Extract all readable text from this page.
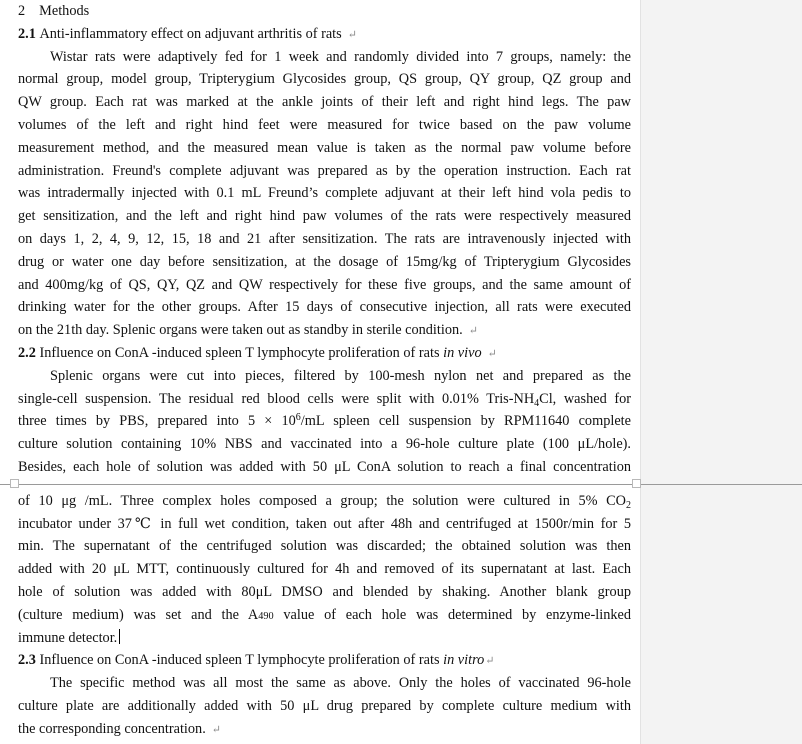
2 Methods
2.1 Anti-inflammatory effect on adjuvant arthritis of rats ↵
Wistar rats were adaptively fed for 1 week and randomly divided into 7 groups, namely: the
normal group, model group, Tripterygium Glycosides group, QS group, QY group, QZ group and
QW group. Each rat was marked at the ankle joints of their left and right hind legs. The paw
volumes of the left and right hind feet were measured for twice based on the paw volume
measurement method, and the measured mean value is taken as the normal paw volume before
administration. Freund's complete adjuvant was prepared as by the operation instruction. Each rat
was intradermally injected with 0.1 mL Freund’s complete adjuvant at their left hind vola pedis to
get sensitization, and the left and right hind paw volumes of the rats were respectively measured
on days 1, 2, 4, 9, 12, 15, 18 and 21 after sensitization. The rats are intravenously injected with
drug or water one day before sensitization, at the dosage of 15mg/kg of Tripterygium Glycosides
and 400mg/kg of QS, QY, QZ and QW respectively for these five groups, and the same amount of
drinking water for the other groups. After 15 days of consecutive injection, all rats were executed
on the 21th day. Splenic organs were taken out as standby in sterile condition. ↵
2.2 Influence on ConA -induced spleen T lymphocyte proliferation of rats in vivo ↵
Splenic organs were cut into pieces, filtered by 100-mesh nylon net and prepared as the
single-cell suspension. The residual red blood cells were split with 0.01% Tris-$NH_4Cl$, washed for
three times by PBS, prepared into $5 \times 10^6/mL$ spleen cell suspension by RPM11640 complete
culture solution containing 10% NBS and vaccinated into a 96-hole culture plate (100 μL/hole).
Besides, each hole of solution was added with 50 μL ConA solution to reach a final concentration
of 10 μg /mL. Three complex holes composed a group; the solution were cultured in 5% $CO_2$
incubator under 37℃ in full wet condition, taken out after 48h and centrifuged at 1500r/min for 5
min. The supernatant of the centrifuged solution was discarded; the obtained solution was then
added with 20 μL MTT, continuously cultured for 4h and removed of its supernatant at last. Each
hole of solution was added with 80μL DMSO and blended by shaking. Another blank group
(culture medium) was set and the A490 value of each hole was determined by enzyme-linked
immune detector.
2.3 Influence on ConA -induced spleen T lymphocyte proliferation of rats in vitro↵
The specific method was all most the same as above. Only the holes of vaccinated 96-hole
culture plate are additionally added with 50 μL drug prepared by complete culture medium with
the corresponding concentration. ↵
